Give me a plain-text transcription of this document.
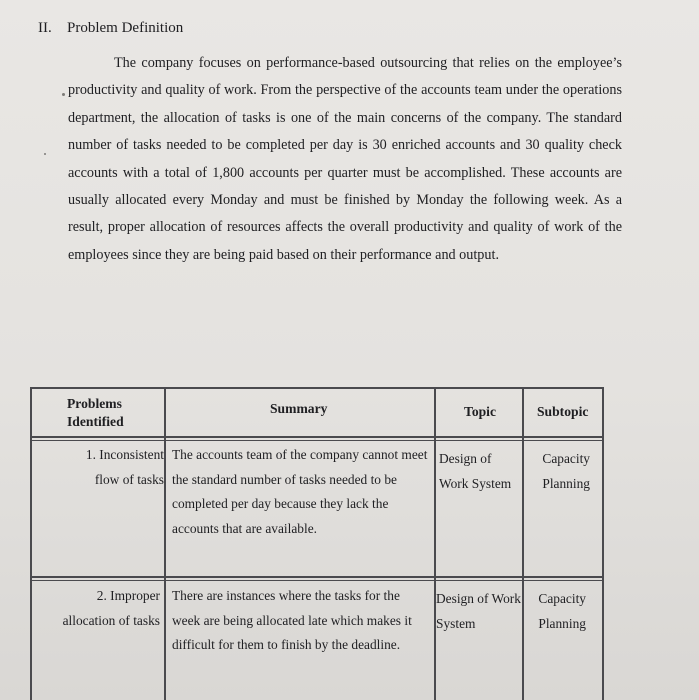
II. Problem Definition

The company focuses on performance-based outsourcing that relies on the employee’s productivity and quality of work. From the perspective of the accounts team under the operations department, the allocation of tasks is one of the main concerns of the company. The standard number of tasks needed to be completed per day is 30 enriched accounts and 30 quality check accounts with a total of 1,800 accounts per quarter must be accomplished. These accounts are usually allocated every Monday and must be finished by Monday the following week. As a result, proper allocation of resources affects the overall productivity and quality of work of the employees since they are being paid based on their performance and output.

Problems Identified
Summary	Topic	Subtopic
1. Inconsistent flow of tasks
The accounts team of the company cannot meet the standard number of tasks needed to be completed per day because they lack the accounts that are available.
Design of Work System
Capacity Planning
2. Improper allocation of tasks
There are instances where the tasks for the week are being allocated late which makes it difficult for them to finish by the deadline.
Design of Work System
Capacity Planning
